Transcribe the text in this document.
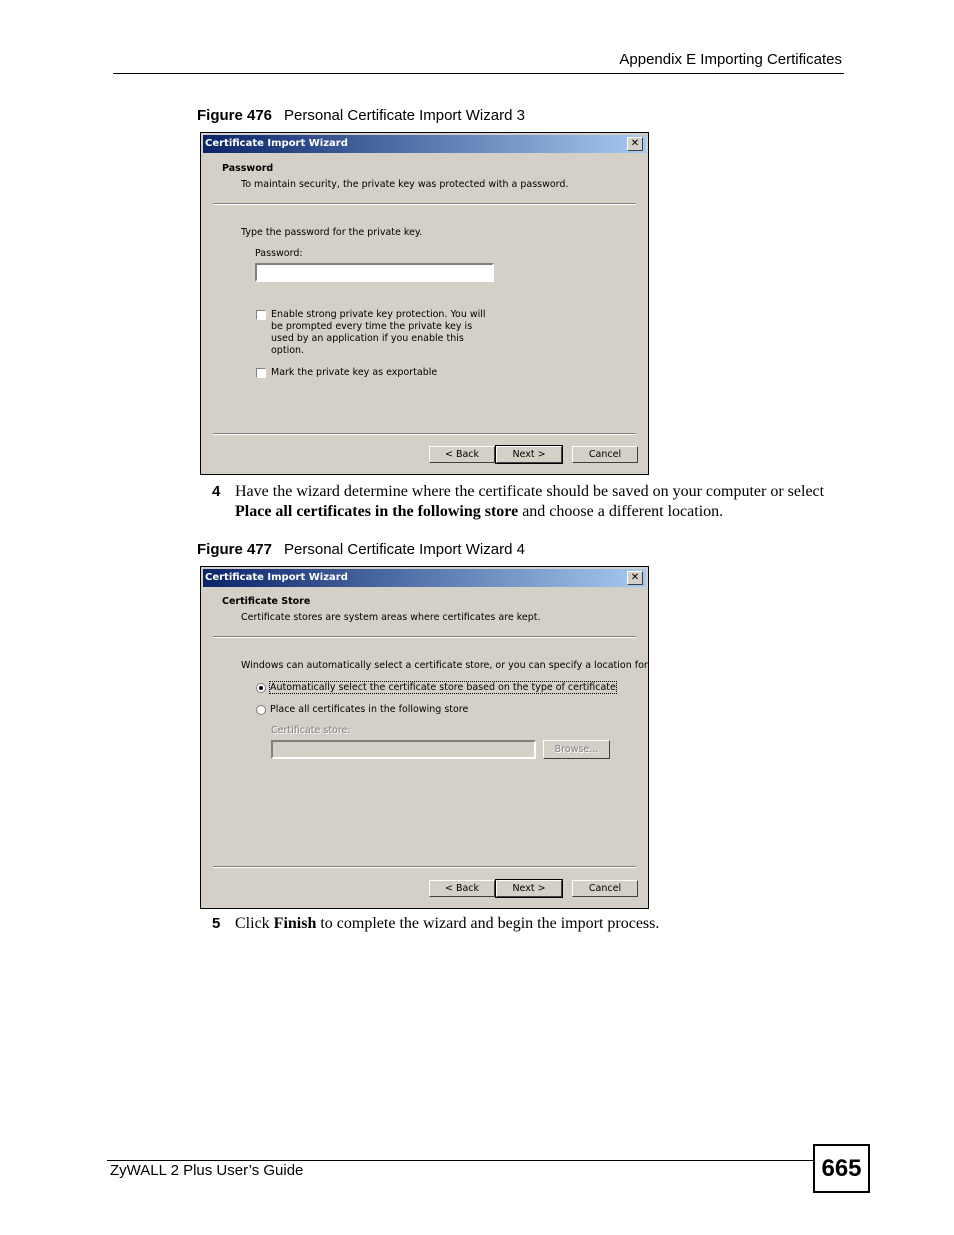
Appendix E Importing Certificates
Figure 476 Personal Certificate Import Wizard 3
Certificate Import Wizard	✕
Password
To maintain security, the private key was protected with a password.
Type the password for the private key.
Password:
Enable strong private key protection. You will be prompted every time the private key is used by an application if you enable this option.
Mark the private key as exportable
< Back	Next >	Cancel
4 Have the wizard determine where the certificate should be saved on your computer or select Place all certificates in the following store and choose a different location.
Figure 477 Personal Certificate Import Wizard 4
Certificate Import Wizard	✕
Certificate Store
Certificate stores are system areas where certificates are kept.
Windows can automatically select a certificate store, or you can specify a location for
Automatically select the certificate store based on the type of certificate
Place all certificates in the following store
Certificate store:
Browse...
< Back	Next >	Cancel
5 Click Finish to complete the wizard and begin the import process.
ZyWALL 2 Plus User’s Guide	665
